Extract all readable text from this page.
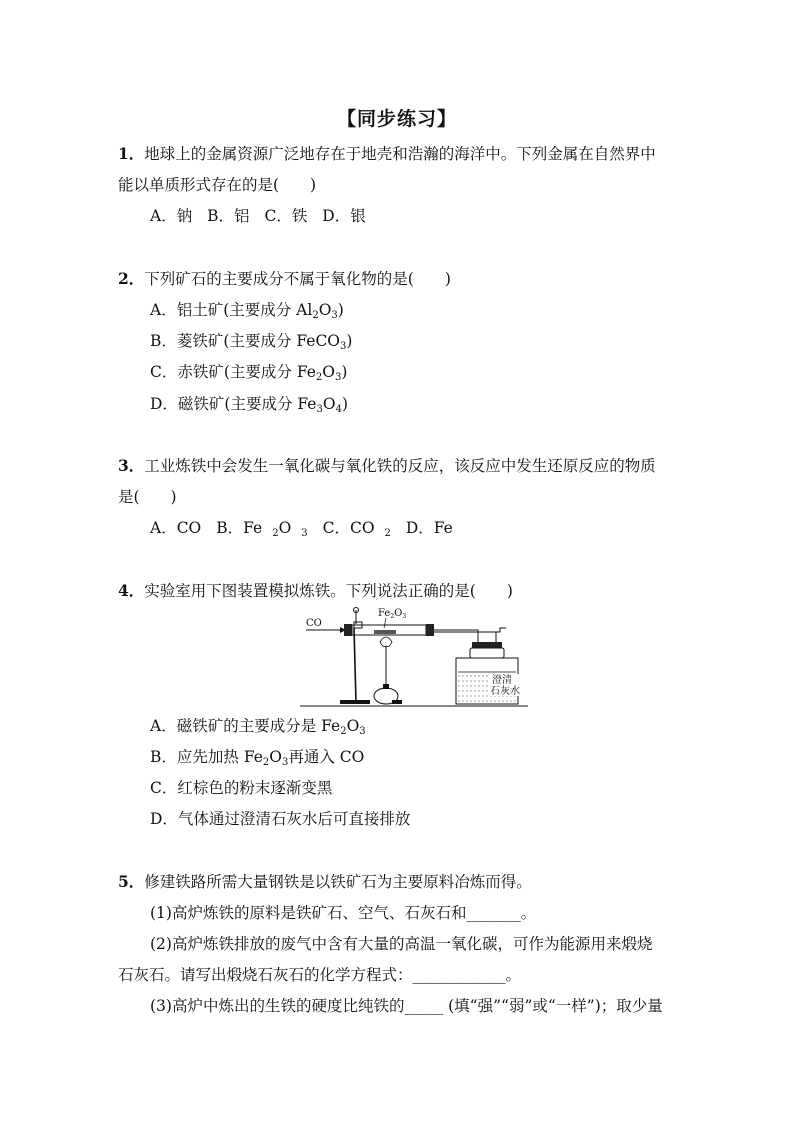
【同步练习】
1．地球上的金属资源广泛地存在于地壳和浩瀚的海洋中。下列金属在自然界中
能以单质形式存在的是(　　)
A．钠 B．铝 C．铁 D．银
2．下列矿石的主要成分不属于氧化物的是(　　)
A．铝土矿(主要成分 $Al_2O_3$)
B．菱铁矿(主要成分 FeCO$_3$)
C．赤铁矿(主要成分 $Fe_2O_3$)
D．磁铁矿(主要成分 $Fe_3O_4$)
3．工业炼铁中会发生一氧化碳与氧化铁的反应，该反应中发生还原反应的物质
是(　　)
A．CO B．Fe $_2$O $_3$ C．CO $_2$ D．Fe
4．实验室用下图装置模拟炼铁。下列说法正确的是(　　)
CO
$Fe_2O_3$
澄清
石灰水
A．磁铁矿的主要成分是 $Fe_2O_3$
B．应先加热 $Fe_2O_3$再通入 CO
C．红棕色的粉末逐渐变黑
D．气体通过澄清石灰水后可直接排放
5．修建铁路所需大量钢铁是以铁矿石为主要原料冶炼而得。
(1)高炉炼铁的原料是铁矿石、空气、石灰石和_______。
(2)高炉炼铁排放的废气中含有大量的高温一氧化碳，可作为能源用来煅烧
石灰石。请写出煅烧石灰石的化学方程式：____________。
(3)高炉中炼出的生铁的硬度比纯铁的_____ (填“强”“弱”或“一样”)；取少量
